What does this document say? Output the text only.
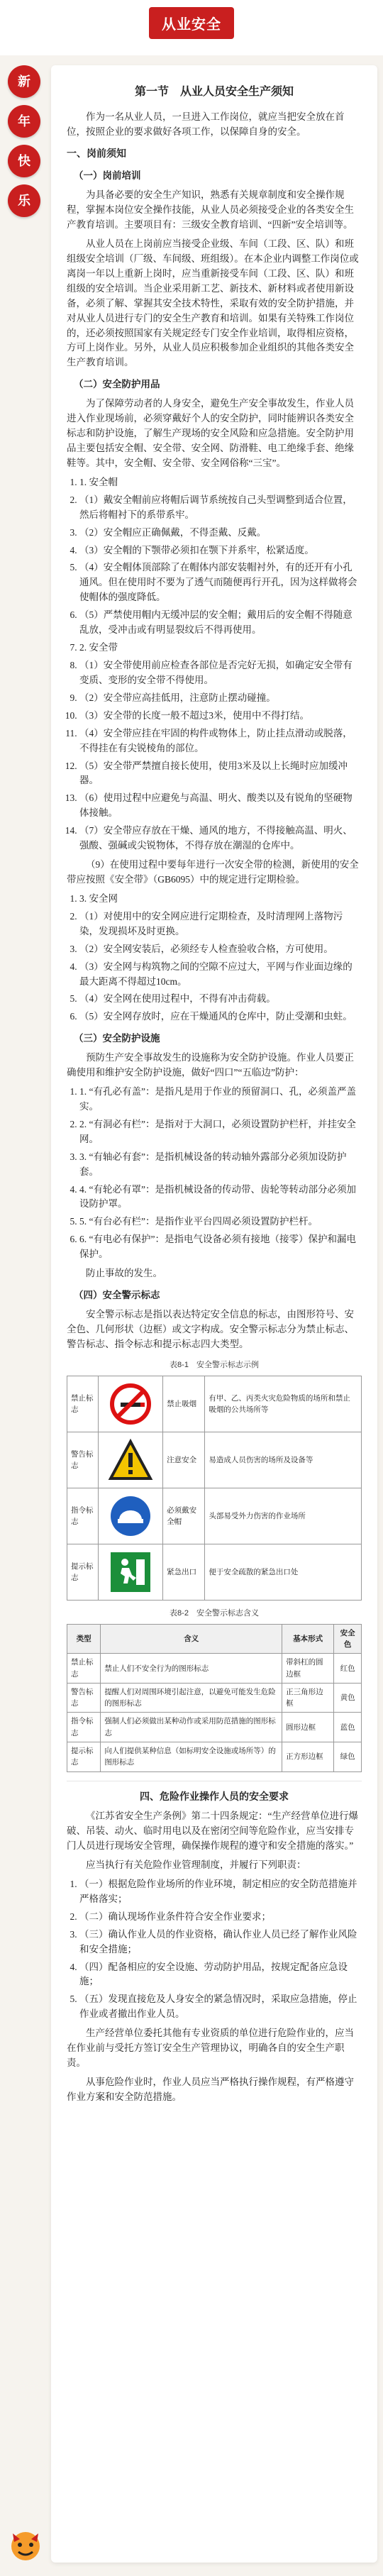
从业安全
新
年
快
乐
第一节　从业人员安全生产须知
作为一名从业人员，一旦进入工作岗位，就应当把安全放在首位，按照企业的要求做好各项工作，以保障自身的安全。
一、岗前须知
（一）岗前培训
为具备必要的安全生产知识，熟悉有关规章制度和安全操作规程，掌握本岗位安全操作技能，从业人员必须接受企业的各类安全生产教育培训。主要项目有：三级安全教育培训、“四新”安全培训等。
从业人员在上岗前应当接受企业级、车间（工段、区、队）和班组级安全培训（厂级、车间级、班组级）。在本企业内调整工作岗位或离岗一年以上重新上岗时，应当重新接受车间（工段、区、队）和班组级的安全培训。当企业采用新工艺、新技术、新材料或者使用新设备，必须了解、掌握其安全技术特性，采取有效的安全防护措施，并对从业人员进行专门的安全生产教育和培训。如果有关特殊工作岗位的，还必须按照国家有关规定经专门安全作业培训，取得相应资格，方可上岗作业。另外，从业人员应积极参加企业组织的其他各类安全生产教育培训。
（二）安全防护用品
为了保障劳动者的人身安全，避免生产安全事故发生，作业人员进入作业现场前，必须穿戴好个人的安全防护，同时能辨识各类安全标志和防护设施，了解生产现场的安全风险和应急措施。安全防护用品主要包括安全帽、安全带、安全网、防滑鞋、电工绝缘手套、绝缘鞋等。其中，安全帽、安全带、安全网俗称“三宝”。
1. 1. 安全帽
2. （1）戴安全帽前应将帽后调节系统按自己头型调整到适合位置，然后将帽衬下的系带系牢。
3. （2）安全帽应正确佩戴，不得歪戴、反戴。
4. （3）安全帽的下颚带必须扣在颚下并系牢，松紧适度。
5. （4）安全帽体顶部除了在帽体内部安装帽衬外，有的还开有小孔通风。但在使用时不要为了透气而随便再行开孔，因为这样做将会使帽体的强度降低。
6. （5）严禁使用帽内无缓冲层的安全帽；戴用后的安全帽不得随意乱放，受冲击或有明显裂纹后不得再使用。
7. 2. 安全带
8. （1）安全带使用前应检查各部位是否完好无损，如确定安全带有变质、变形的安全带不得使用。
9. （2）安全带应高挂低用，注意防止摆动碰撞。
10. （3）安全带的长度一般不超过3米，使用中不得打结。
11. （4）安全带应挂在牢固的构件或物体上，防止挂点滑动或脱落，不得挂在有尖锐棱角的部位。
12. （5）安全带严禁擅自接长使用，使用3米及以上长绳时应加缓冲器。
13. （6）使用过程中应避免与高温、明火、酸类以及有锐角的坚硬物体接触。
14. （7）安全带应存放在干燥、通风的地方，不得接触高温、明火、强酸、强碱或尖锐物体，不得存放在潮湿的仓库中。
（9）在使用过程中要每年进行一次安全带的检测，新使用的安全带应按照《安全带》（GB6095）中的规定进行定期检验。
1. 3. 安全网
2. （1）对使用中的安全网应进行定期检查，及时清理网上落物污染，发现损坏及时更换。
3. （2）安全网安装后，必须经专人检查验收合格，方可使用。
4. （3）安全网与构筑物之间的空隙不应过大，平网与作业面边缘的最大距离不得超过10cm。
5. （4）安全网在使用过程中，不得有冲击荷载。
6. （5）安全网存放时，应在干燥通风的仓库中，防止受潮和虫蛀。
（三）安全防护设施
预防生产安全事故发生的设施称为安全防护设施。作业人员要正确使用和维护安全防护设施，做好“四口”“五临边”防护：
1. 1. “有孔必有盖”：是指凡是用于作业的预留洞口、孔，必须盖严盖实。
2. 2. “有洞必有栏”：是指对于大洞口，必须设置防护栏杆，并挂安全网。
3. 3. “有轴必有套”：是指机械设备的转动轴外露部分必须加设防护套。
4. 4. “有轮必有罩”：是指机械设备的传动带、齿轮等转动部分必须加设防护罩。
5. 5. “有台必有栏”：是指作业平台四周必须设置防护栏杆。
6. 6. “有电必有保护”：是指电气设备必须有接地（接零）保护和漏电保护。
防止事故的发生。
（四）安全警示标志
安全警示标志是指以表达特定安全信息的标志，由图形符号、安全色、几何形状（边框）或文字构成。安全警示标志分为禁止标志、警告标志、指令标志和提示标志四大类型。
表8-1　安全警示标志示例
禁止标志		禁止吸烟	有甲、乙、丙类火灾危险物质的场所和禁止吸烟的公共场所等
警告标志		注意安全	易造成人员伤害的场所及设备等
指令标志		必须戴安全帽	头部易受外力伤害的作业场所
提示标志		紧急出口	便于安全疏散的紧急出口处
表8-2　安全警示标志含义
类型	含义	基本形式	安全色
禁止标志	禁止人们不安全行为的图形标志	带斜杠的圆边框	红色
警告标志	提醒人们对周围环境引起注意，以避免可能发生危险的图形标志	正三角形边框	黄色
指令标志	强制人们必须做出某种动作或采用防范措施的图形标志	圆形边框	蓝色
提示标志	向人们提供某种信息（如标明安全设施或场所等）的图形标志	正方形边框	绿色
四、危险作业操作人员的安全要求
《江苏省安全生产条例》第二十四条规定：“生产经营单位进行爆破、吊装、动火、临时用电以及在密闭空间等危险作业，应当安排专门人员进行现场安全管理，确保操作规程的遵守和安全措施的落实。”
应当执行有关危险作业管理制度，并履行下列职责：
1. （一）根据危险作业场所的作业环境，制定相应的安全防范措施并严格落实；
2. （二）确认现场作业条件符合安全作业要求；
3. （三）确认作业人员的作业资格，确认作业人员已经了解作业风险和安全措施；
4. （四）配备相应的安全设施、劳动防护用品，按规定配备应急设施；
5. （五）发现直接危及人身安全的紧急情况时，采取应急措施，停止作业或者撤出作业人员。
生产经营单位委托其他有专业资质的单位进行危险作业的，应当在作业前与受托方签订安全生产管理协议，明确各自的安全生产职责。
从事危险作业时，作业人员应当严格执行操作规程，有严格遵守作业方案和安全防范措施。
